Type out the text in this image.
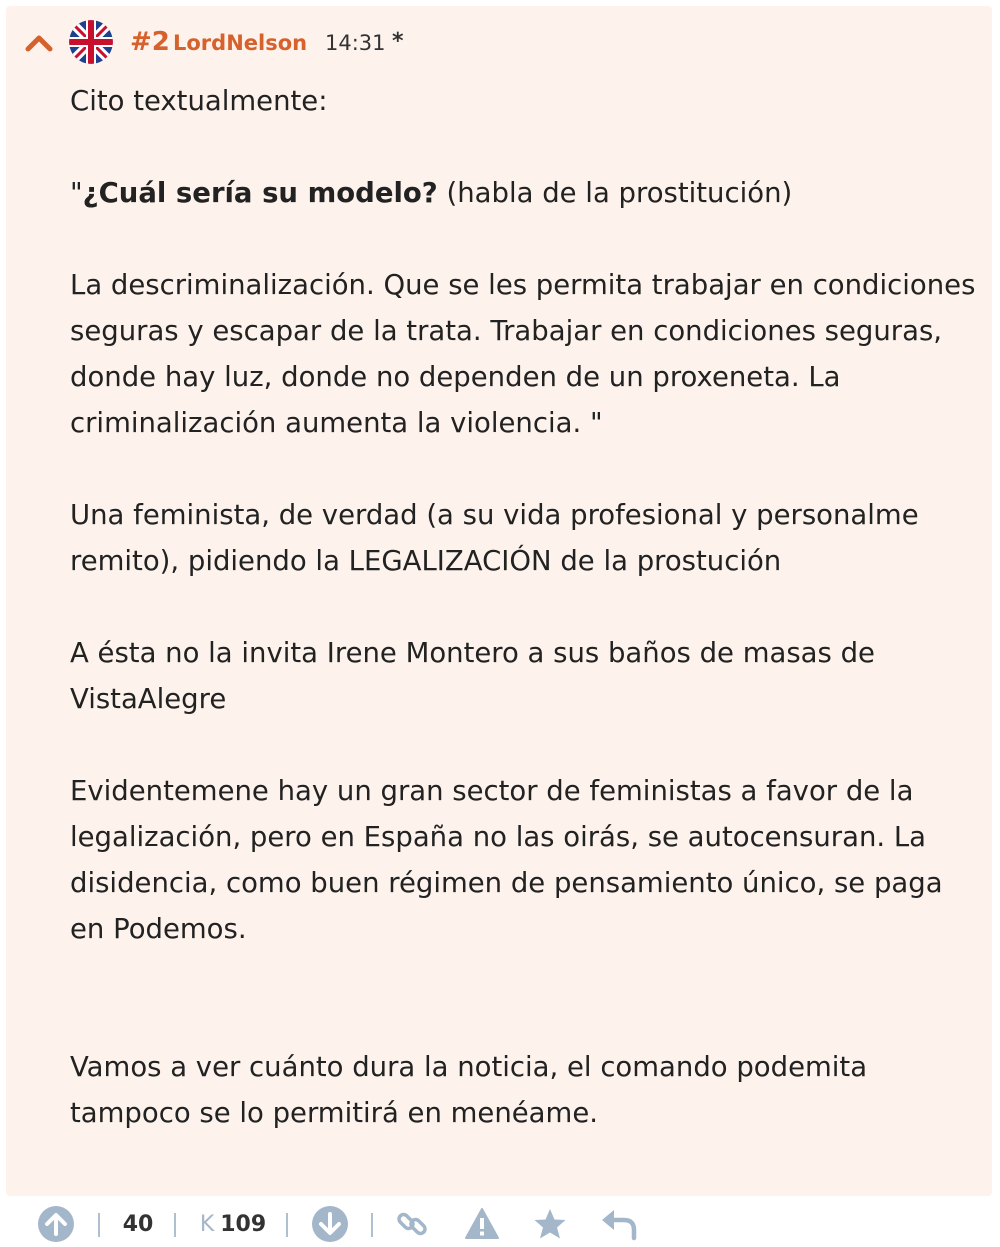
#2 LordNelson 14:31 *

Cito textualmente:

"¿Cuál sería su modelo? (habla de la prostitución)

La descriminalización. Que se les permita trabajar en condiciones seguras y escapar de la trata. Trabajar en condiciones seguras, donde hay luz, donde no dependen de un proxeneta. La criminalización aumenta la violencia. "

Una feminista, de verdad (a su vida profesional y personalme remito), pidiendo la LEGALIZACIÓN de la prostución

A ésta no la invita Irene Montero a sus baños de masas de VistaAlegre

Evidentemene hay un gran sector de feministas a favor de la legalización, pero en España no las oirás, se autocensuran. La disidencia, como buen régimen de pensamiento único, se paga en Podemos.

Vamos a ver cuánto dura la noticia, el comando podemita tampoco se lo permitirá en menéame.

40 K 109
